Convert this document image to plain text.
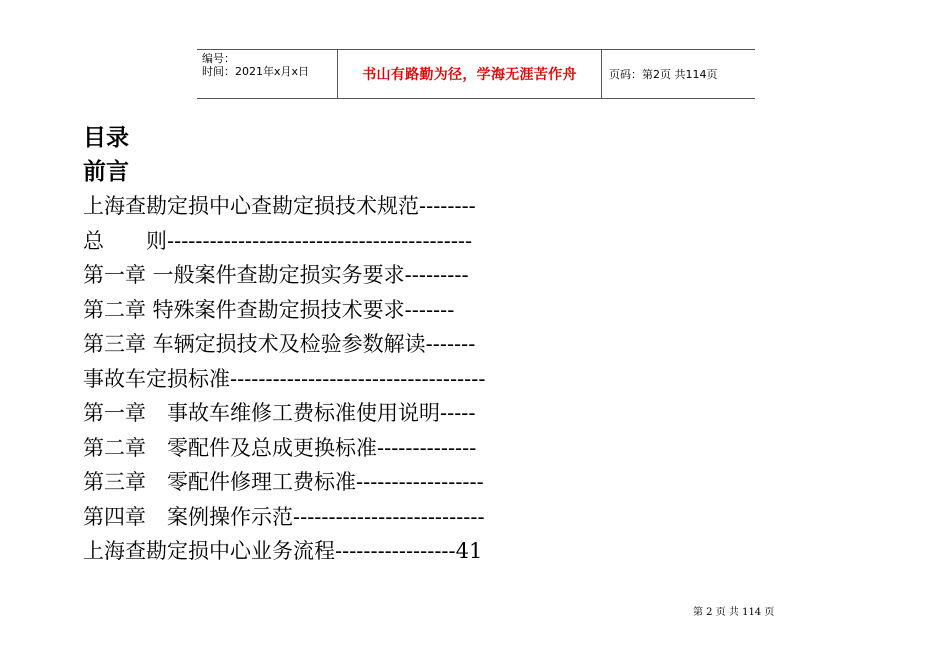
编号：
时间：2021年x月x日	书山有路勤为径，学海无涯苦作舟	页码：第2页 共114页
目录
前言
上海查勘定损中心查勘定损技术规范--------
总　　则-------------------------------------------
第一章 一般案件查勘定损实务要求---------
第二章 特殊案件查勘定损技术要求-------
第三章 车辆定损技术及检验参数解读-------
事故车定损标准------------------------------------
第一章　事故车维修工费标准使用说明-----
第二章　零配件及总成更换标准--------------
第三章　零配件修理工费标准------------------
第四章　案例操作示范---------------------------
上海查勘定损中心业务流程-----------------41
第 2 页 共 114 页
